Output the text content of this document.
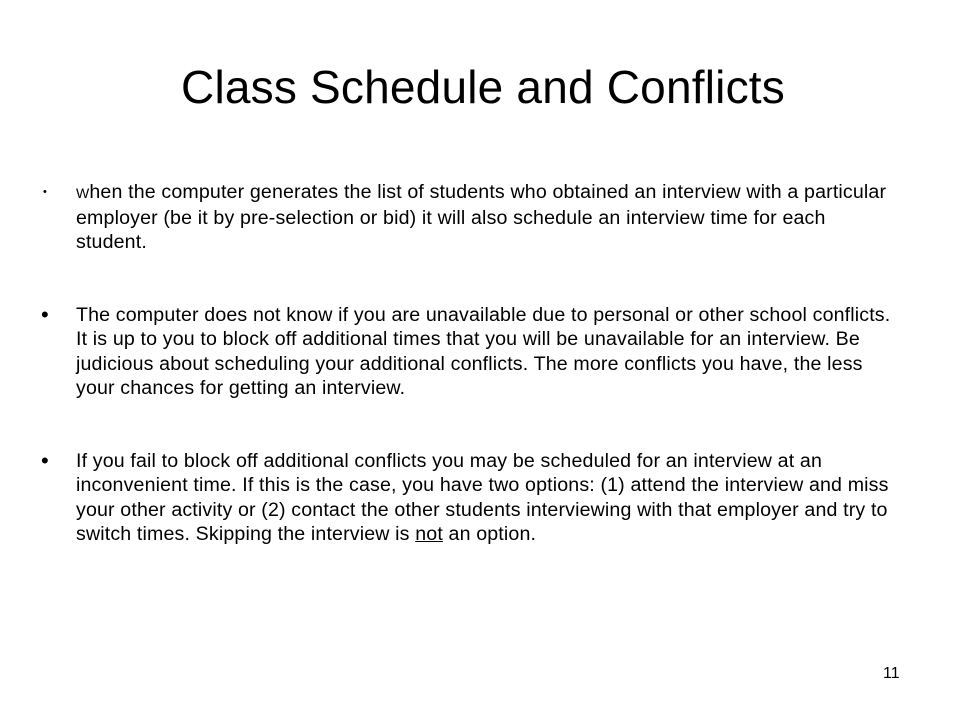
Class Schedule and Conflicts
•	When the computer generates the list of students who obtained an interview with a particular employer (be it by pre-selection or bid) it will also schedule an interview time for each student.
•	The computer does not know if you are unavailable due to personal or other school conflicts. It is up to you to block off additional times that you will be unavailable for an interview. Be judicious about scheduling your additional conflicts. The more conflicts you have, the less your chances for getting an interview.
•	If you fail to block off additional conflicts you may be scheduled for an interview at an inconvenient time. If this is the case, you have two options: (1) attend the interview and miss your other activity or (2) contact the other students interviewing with that employer and try to switch times. Skipping the interview is not an option.
11
